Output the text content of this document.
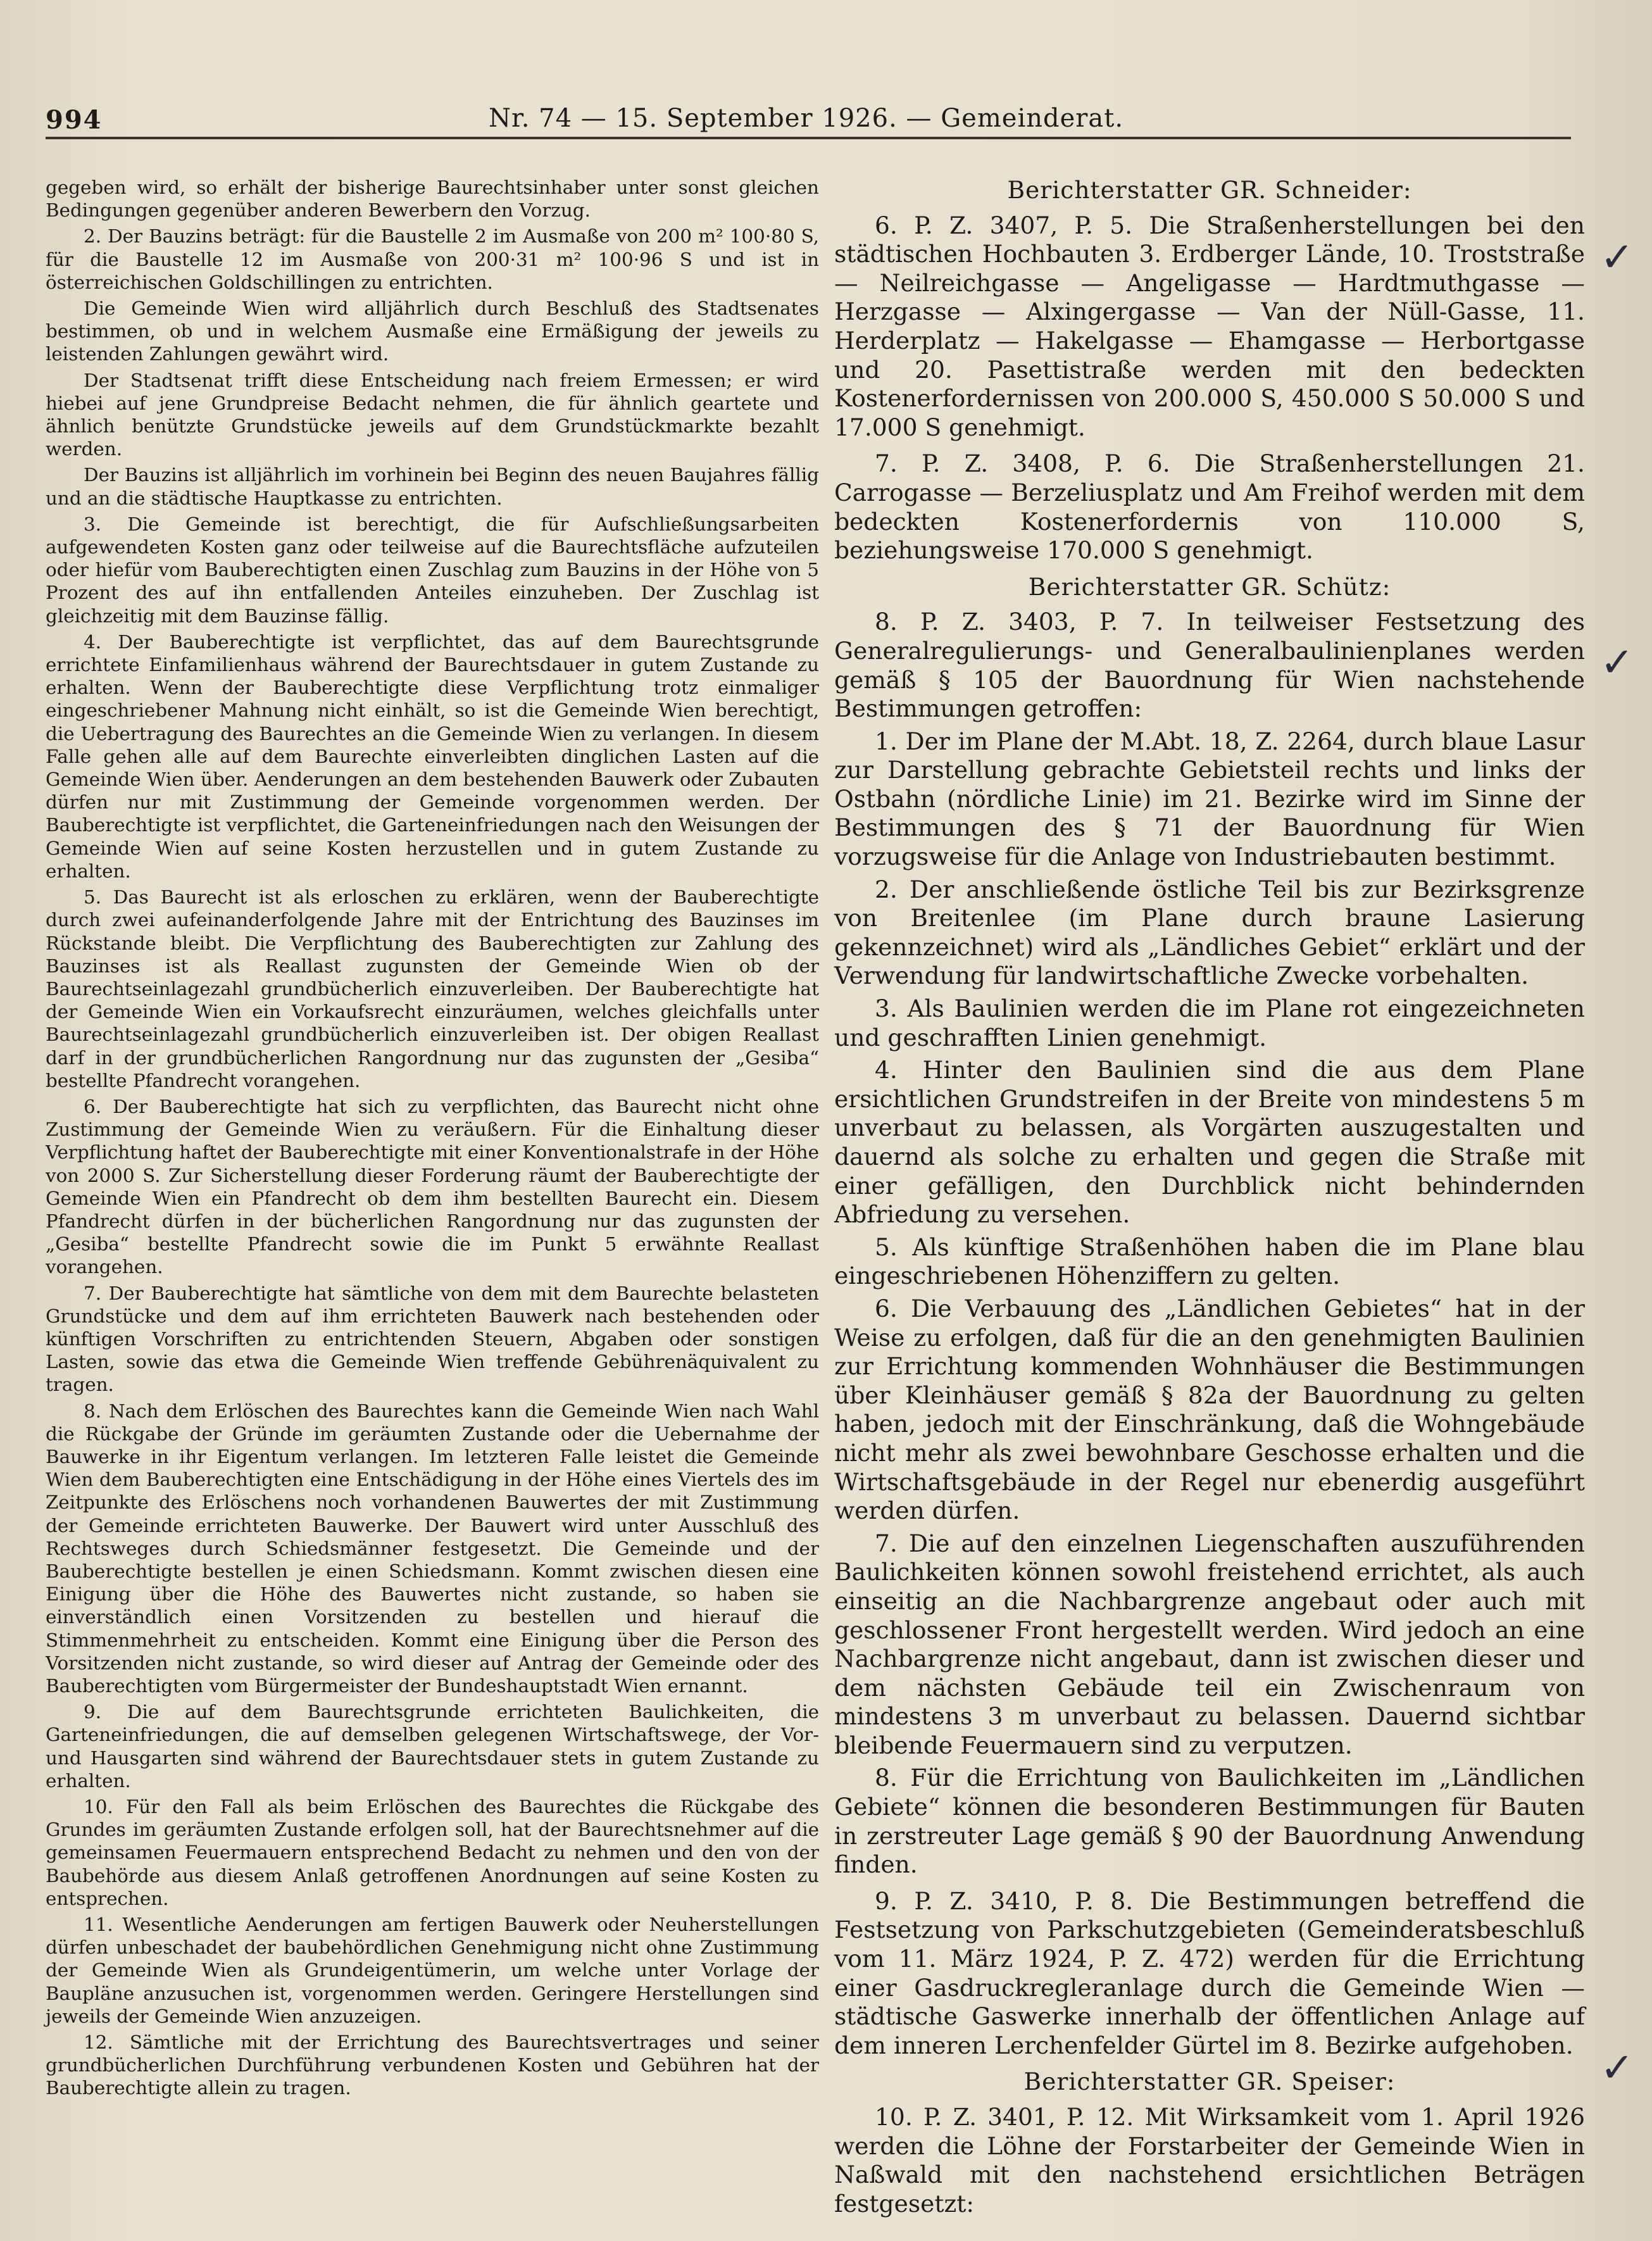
994	Nr. 74 — 15. September 1926. — Gemeinderat.

gegeben wird, so erhält der bisherige Baurechtsinhaber unter sonst gleichen Bedingungen gegenüber anderen Bewerbern den Vorzug.

2. Der Bauzins beträgt: für die Baustelle 2 im Ausmaße von 200 m² 100·80 S, für die Baustelle 12 im Ausmaße von 200·31 m² 100·96 S und ist in österreichischen Goldschillingen zu entrichten.

Die Gemeinde Wien wird alljährlich durch Beschluß des Stadtsenates bestimmen, ob und in welchem Ausmaße eine Ermäßigung der jeweils zu leistenden Zahlungen gewährt wird.

Der Stadtsenat trifft diese Entscheidung nach freiem Ermessen; er wird hiebei auf jene Grundpreise Bedacht nehmen, die für ähnlich geartete und ähnlich benützte Grundstücke jeweils auf dem Grundstückmarkte bezahlt werden.

Der Bauzins ist alljährlich im vorhinein bei Beginn des neuen Baujahres fällig und an die städtische Hauptkasse zu entrichten.

3. Die Gemeinde ist berechtigt, die für Aufschließungsarbeiten aufgewendeten Kosten ganz oder teilweise auf die Baurechtsfläche aufzuteilen oder hiefür vom Bauberechtigten einen Zuschlag zum Bauzins in der Höhe von 5 Prozent des auf ihn entfallenden Anteiles einzuheben. Der Zuschlag ist gleichzeitig mit dem Bauzinse fällig.

4. Der Bauberechtigte ist verpflichtet, das auf dem Baurechtsgrunde errichtete Einfamilienhaus während der Baurechtsdauer in gutem Zustande zu erhalten. Wenn der Bauberechtigte diese Verpflichtung trotz einmaliger eingeschriebener Mahnung nicht einhält, so ist die Gemeinde Wien berechtigt, die Uebertragung des Baurechtes an die Gemeinde Wien zu verlangen. In diesem Falle gehen alle auf dem Baurechte einverleibten dinglichen Lasten auf die Gemeinde Wien über. Aenderungen an dem bestehenden Bauwerk oder Zubauten dürfen nur mit Zustimmung der Gemeinde vorgenommen werden. Der Bauberechtigte ist verpflichtet, die Garteneinfriedungen nach den Weisungen der Gemeinde Wien auf seine Kosten herzustellen und in gutem Zustande zu erhalten.

5. Das Baurecht ist als erloschen zu erklären, wenn der Bauberechtigte durch zwei aufeinanderfolgende Jahre mit der Entrichtung des Bauzinses im Rückstande bleibt. Die Verpflichtung des Bauberechtigten zur Zahlung des Bauzinses ist als Reallast zugunsten der Gemeinde Wien ob der Baurechtseinlagezahl grundbücherlich einzuverleiben. Der Bauberechtigte hat der Gemeinde Wien ein Vorkaufsrecht einzuräumen, welches gleichfalls unter Baurechtseinlagezahl grundbücherlich einzuverleiben ist. Der obigen Reallast darf in der grundbücherlichen Rangordnung nur das zugunsten der „Gesiba“ bestellte Pfandrecht vorangehen.

6. Der Bauberechtigte hat sich zu verpflichten, das Baurecht nicht ohne Zustimmung der Gemeinde Wien zu veräußern. Für die Einhaltung dieser Verpflichtung haftet der Bauberechtigte mit einer Konventionalstrafe in der Höhe von 2000 S. Zur Sicherstellung dieser Forderung räumt der Bauberechtigte der Gemeinde Wien ein Pfandrecht ob dem ihm bestellten Baurecht ein. Diesem Pfandrecht dürfen in der bücherlichen Rangordnung nur das zugunsten der „Gesiba“ bestellte Pfandrecht sowie die im Punkt 5 erwähnte Reallast vorangehen.

7. Der Bauberechtigte hat sämtliche von dem mit dem Baurechte belasteten Grundstücke und dem auf ihm errichteten Bauwerk nach bestehenden oder künftigen Vorschriften zu entrichtenden Steuern, Abgaben oder sonstigen Lasten, sowie das etwa die Gemeinde Wien treffende Gebührenäquivalent zu tragen.

8. Nach dem Erlöschen des Baurechtes kann die Gemeinde Wien nach Wahl die Rückgabe der Gründe im geräumten Zustande oder die Uebernahme der Bauwerke in ihr Eigentum verlangen. Im letzteren Falle leistet die Gemeinde Wien dem Bauberechtigten eine Entschädigung in der Höhe eines Viertels des im Zeitpunkte des Erlöschens noch vorhandenen Bauwertes der mit Zustimmung der Gemeinde errichteten Bauwerke. Der Bauwert wird unter Ausschluß des Rechtsweges durch Schiedsmänner festgesetzt. Die Gemeinde und der Bauberechtigte bestellen je einen Schiedsmann. Kommt zwischen diesen eine Einigung über die Höhe des Bauwertes nicht zustande, so haben sie einverständlich einen Vorsitzenden zu bestellen und hierauf die Stimmenmehrheit zu entscheiden. Kommt eine Einigung über die Person des Vorsitzenden nicht zustande, so wird dieser auf Antrag der Gemeinde oder des Bauberechtigten vom Bürgermeister der Bundeshauptstadt Wien ernannt.

9. Die auf dem Baurechtsgrunde errichteten Baulichkeiten, die Garteneinfriedungen, die auf demselben gelegenen Wirtschaftswege, der Vor- und Hausgarten sind während der Baurechtsdauer stets in gutem Zustande zu erhalten.

10. Für den Fall als beim Erlöschen des Baurechtes die Rückgabe des Grundes im geräumten Zustande erfolgen soll, hat der Baurechtsnehmer auf die gemeinsamen Feuermauern entsprechend Bedacht zu nehmen und den von der Baubehörde aus diesem Anlaß getroffenen Anordnungen auf seine Kosten zu entsprechen.

11. Wesentliche Aenderungen am fertigen Bauwerk oder Neuherstellungen dürfen unbeschadet der baubehördlichen Genehmigung nicht ohne Zustimmung der Gemeinde Wien als Grundeigentümerin, um welche unter Vorlage der Baupläne anzusuchen ist, vorgenommen werden. Geringere Herstellungen sind jeweils der Gemeinde Wien anzuzeigen.

12. Sämtliche mit der Errichtung des Baurechtsvertrages und seiner grundbücherlichen Durchführung verbundenen Kosten und Gebühren hat der Bauberechtigte allein zu tragen.

Berichterstatter GR. Schneider:

6. P. Z. 3407, P. 5. Die Straßenherstellungen bei den städtischen Hochbauten 3. Erdberger Lände, 10. Troststraße — Neilreichgasse — Angeligasse — Hardtmuthgasse — Herzgasse — Alxingergasse — Van der Nüll-Gasse, 11. Herderplatz — Hakelgasse — Ehamgasse — Herbortgasse und 20. Pasettistraße werden mit den bedeckten Kostenerfordernissen von 200.000 S, 450.000 S 50.000 S und 17.000 S genehmigt.

7. P. Z. 3408, P. 6. Die Straßenherstellungen 21. Carrogasse — Berzeliusplatz und Am Freihof werden mit dem bedeckten Kostenerfordernis von 110.000 S, beziehungsweise 170.000 S genehmigt.

Berichterstatter GR. Schütz:

8. P. Z. 3403, P. 7. In teilweiser Festsetzung des Generalregulierungs- und Generalbaulinienplanes werden gemäß § 105 der Bauordnung für Wien nachstehende Bestimmungen getroffen:

1. Der im Plane der M.Abt. 18, Z. 2264, durch blaue Lasur zur Darstellung gebrachte Gebietsteil rechts und links der Ostbahn (nördliche Linie) im 21. Bezirke wird im Sinne der Bestimmungen des § 71 der Bauordnung für Wien vorzugsweise für die Anlage von Industriebauten bestimmt.

2. Der anschließende östliche Teil bis zur Bezirksgrenze von Breitenlee (im Plane durch braune Lasierung gekennzeichnet) wird als „Ländliches Gebiet“ erklärt und der Verwendung für landwirtschaftliche Zwecke vorbehalten.

3. Als Baulinien werden die im Plane rot eingezeichneten und geschrafften Linien genehmigt.

4. Hinter den Baulinien sind die aus dem Plane ersichtlichen Grundstreifen in der Breite von mindestens 5 m unverbaut zu belassen, als Vorgärten auszugestalten und dauernd als solche zu erhalten und gegen die Straße mit einer gefälligen, den Durchblick nicht behindernden Abfriedung zu versehen.

5. Als künftige Straßenhöhen haben die im Plane blau eingeschriebenen Höhenziffern zu gelten.

6. Die Verbauung des „Ländlichen Gebietes“ hat in der Weise zu erfolgen, daß für die an den genehmigten Baulinien zur Errichtung kommenden Wohnhäuser die Bestimmungen über Kleinhäuser gemäß § 82a der Bauordnung zu gelten haben, jedoch mit der Einschränkung, daß die Wohngebäude nicht mehr als zwei bewohnbare Geschosse erhalten und die Wirtschaftsgebäude in der Regel nur ebenerdig ausgeführt werden dürfen.

7. Die auf den einzelnen Liegenschaften auszuführenden Baulichkeiten können sowohl freistehend errichtet, als auch einseitig an die Nachbargrenze angebaut oder auch mit geschlossener Front hergestellt werden. Wird jedoch an eine Nachbargrenze nicht angebaut, dann ist zwischen dieser und dem nächsten Gebäude teil ein Zwischenraum von mindestens 3 m unverbaut zu belassen. Dauernd sichtbar bleibende Feuermauern sind zu verputzen.

8. Für die Errichtung von Baulichkeiten im „Ländlichen Gebiete“ können die besonderen Bestimmungen für Bauten in zerstreuter Lage gemäß § 90 der Bauordnung Anwendung finden.

9. P. Z. 3410, P. 8. Die Bestimmungen betreffend die Festsetzung von Parkschutzgebieten (Gemeinderatsbeschluß vom 11. März 1924, P. Z. 472) werden für die Errichtung einer Gasdruckregleranlage durch die Gemeinde Wien — städtische Gaswerke innerhalb der öffentlichen Anlage auf dem inneren Lerchenfelder Gürtel im 8. Bezirke aufgehoben.

Berichterstatter GR. Speiser:

10. P. Z. 3401, P. 12. Mit Wirksamkeit vom 1. April 1926 werden die Löhne der Forstarbeiter der Gemeinde Wien in Naßwald mit den nachstehend ersichtlichen Beträgen festgesetzt:

✓
✓
✓
